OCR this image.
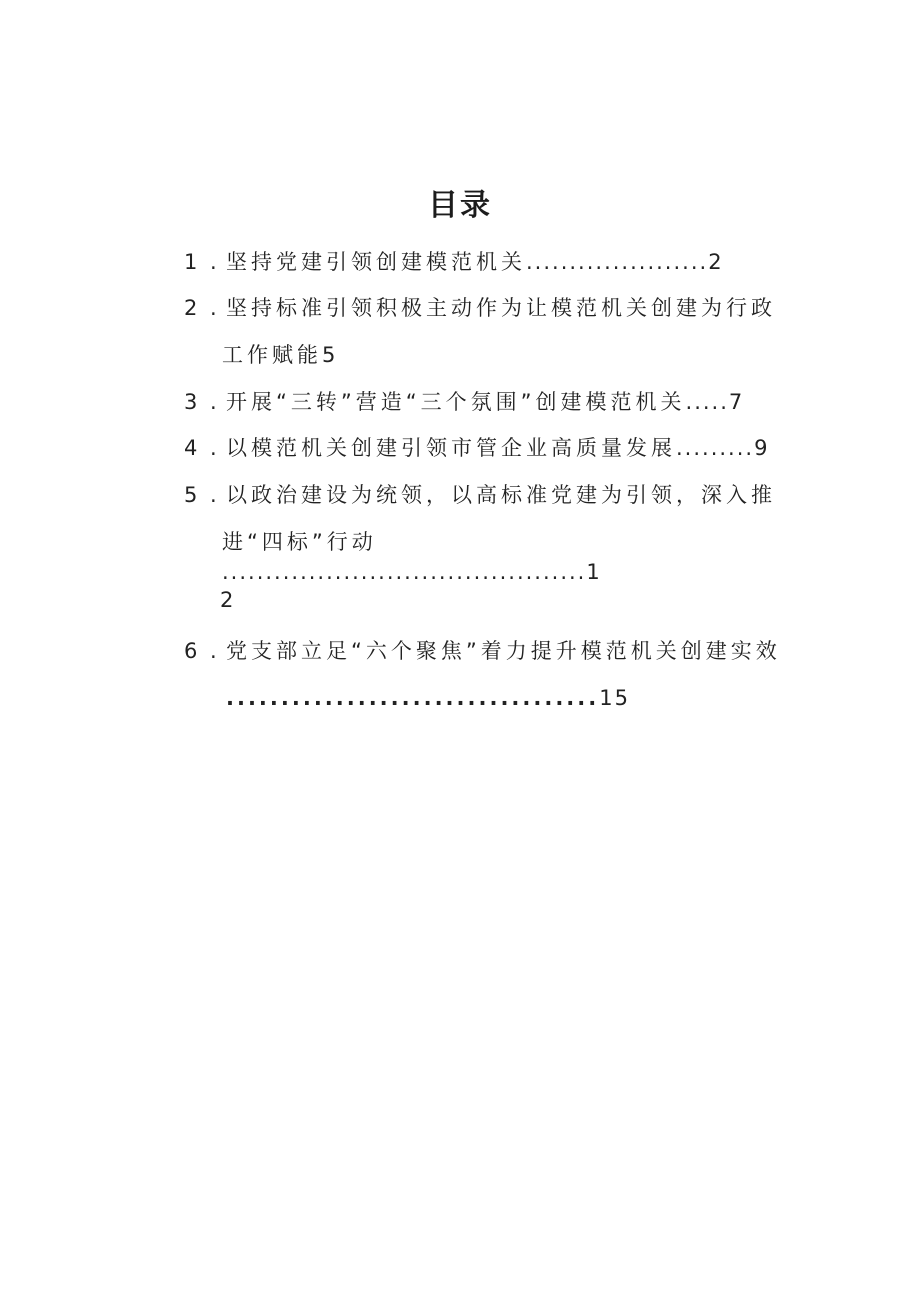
目录
1 . 坚持党建引领创建模范机关.....................2
2 . 坚持标准引领积极主动作为让模范机关创建为行政
工作赋能5
3 . 开展“三转”营造“三个氛围”创建模范机关.....7
4 . 以模范机关创建引领市管企业高质量发展.........9
5 . 以政治建设为统领，以高标准党建为引领，深入推
进“四标”行动
..........................................1
2
6 . 党支部立足“六个聚焦”着力提升模范机关创建实效
..................................15
